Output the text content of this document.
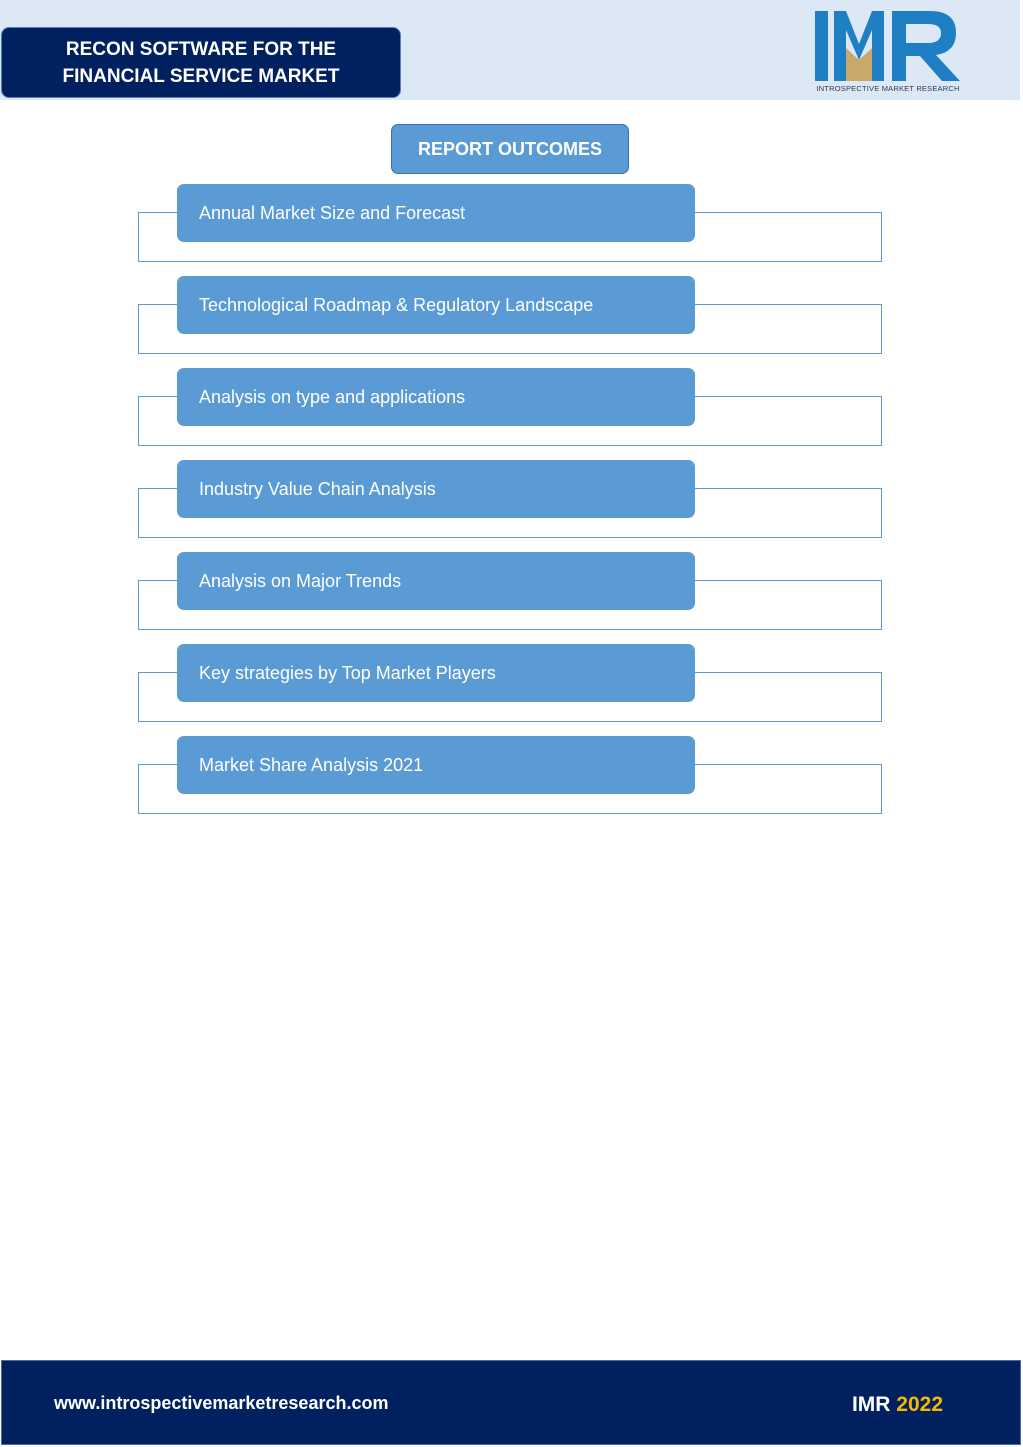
RECON SOFTWARE FOR THE FINANCIAL SERVICE MARKET
INTROSPECTIVE MARKET RESEARCH
REPORT OUTCOMES
Annual Market Size and Forecast
Technological Roadmap & Regulatory Landscape
Analysis on type and applications
Industry Value Chain Analysis
Analysis on Major Trends
Key strategies by Top Market Players
Market Share Analysis 2021
www.introspectivemarketresearch.com	IMR 2022
